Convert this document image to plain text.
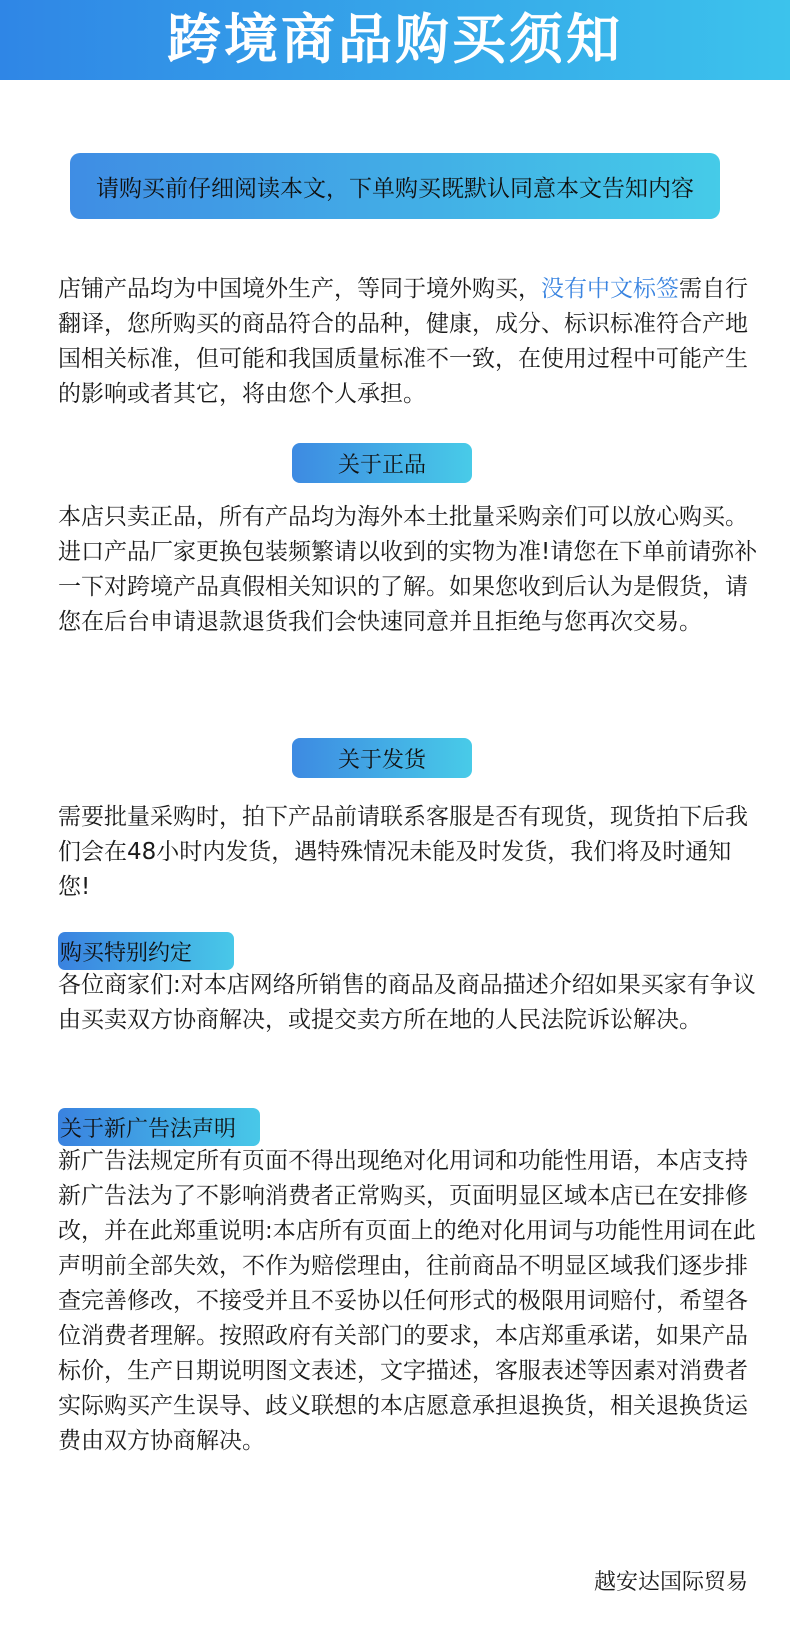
跨境商品购买须知
请购买前仔细阅读本文，下单购买既默认同意本文告知内容
店铺产品均为中国境外生产，等同于境外购买，没有中文标签需自行翻译，您所购买的商品符合的品种，健康，成分、标识标准符合产地国相关标准，但可能和我国质量标准不一致，在使用过程中可能产生的影响或者其它，将由您个人承担。
关于正品
本店只卖正品，所有产品均为海外本土批量采购亲们可以放心购买。进口产品厂家更换包装频繁请以收到的实物为准!请您在下单前请弥补一下对跨境产品真假相关知识的了解。如果您收到后认为是假货，请您在后台申请退款退货我们会快速同意并且拒绝与您再次交易。
关于发货
需要批量采购时，拍下产品前请联系客服是否有现货，现货拍下后我们会在48小时内发货，遇特殊情况未能及时发货，我们将及时通知您!
购买特别约定
各位商家们:对本店网络所销售的商品及商品描述介绍如果买家有争议由买卖双方协商解决，或提交卖方所在地的人民法院诉讼解决。
关于新广告法声明
新广告法规定所有页面不得出现绝对化用词和功能性用语，本店支持新广告法为了不影响消费者正常购买，页面明显区域本店已在安排修改，并在此郑重说明:本店所有页面上的绝对化用词与功能性用词在此声明前全部失效，不作为赔偿理由，往前商品不明显区域我们逐步排查完善修改，不接受并且不妥协以任何形式的极限用词赔付，希望各位消费者理解。按照政府有关部门的要求，本店郑重承诺，如果产品标价，生产日期说明图文表述，文字描述，客服表述等因素对消费者实际购买产生误导、歧义联想的本店愿意承担退换货，相关退换货运费由双方协商解决。
越安达国际贸易
